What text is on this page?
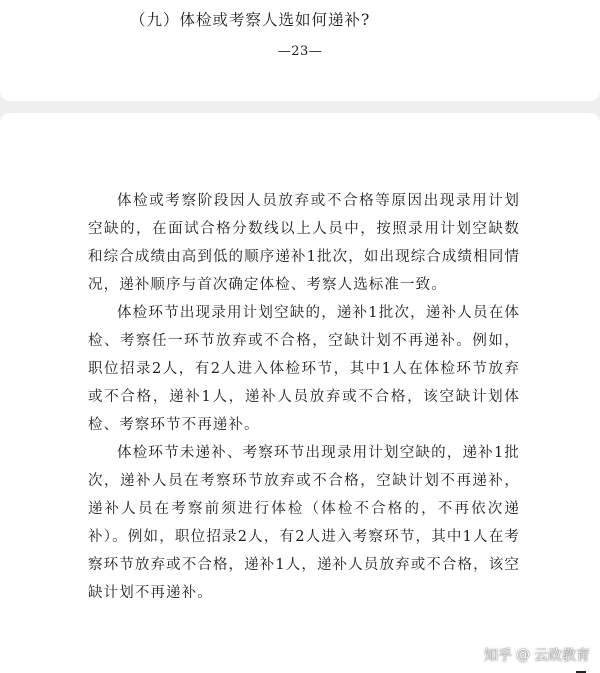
（九）体检或考察人选如何递补?
—23—

体检或考察阶段因人员放弃或不合格等原因出现录用计划空缺的，在面试合格分数线以上人员中，按照录用计划空缺数和综合成绩由高到低的顺序递补1批次，如出现综合成绩相同情况，递补顺序与首次确定体检、考察人选标准一致。

体检环节出现录用计划空缺的，递补1批次，递补人员在体检、考察任一环节放弃或不合格，空缺计划不再递补。例如，职位招录2人，有2人进入体检环节，其中1人在体检环节放弃或不合格，递补1人，递补人员放弃或不合格，该空缺计划体检、考察环节不再递补。

体检环节未递补、考察环节出现录用计划空缺的，递补1批次，递补人员在考察环节放弃或不合格，空缺计划不再递补，递补人员在考察前须进行体检（体检不合格的，不再依次递补）。例如，职位招录2人，有2人进入考察环节，其中1人在考察环节放弃或不合格，递补1人，递补人员放弃或不合格，该空缺计划不再递补。

知乎 @ 云政教育
